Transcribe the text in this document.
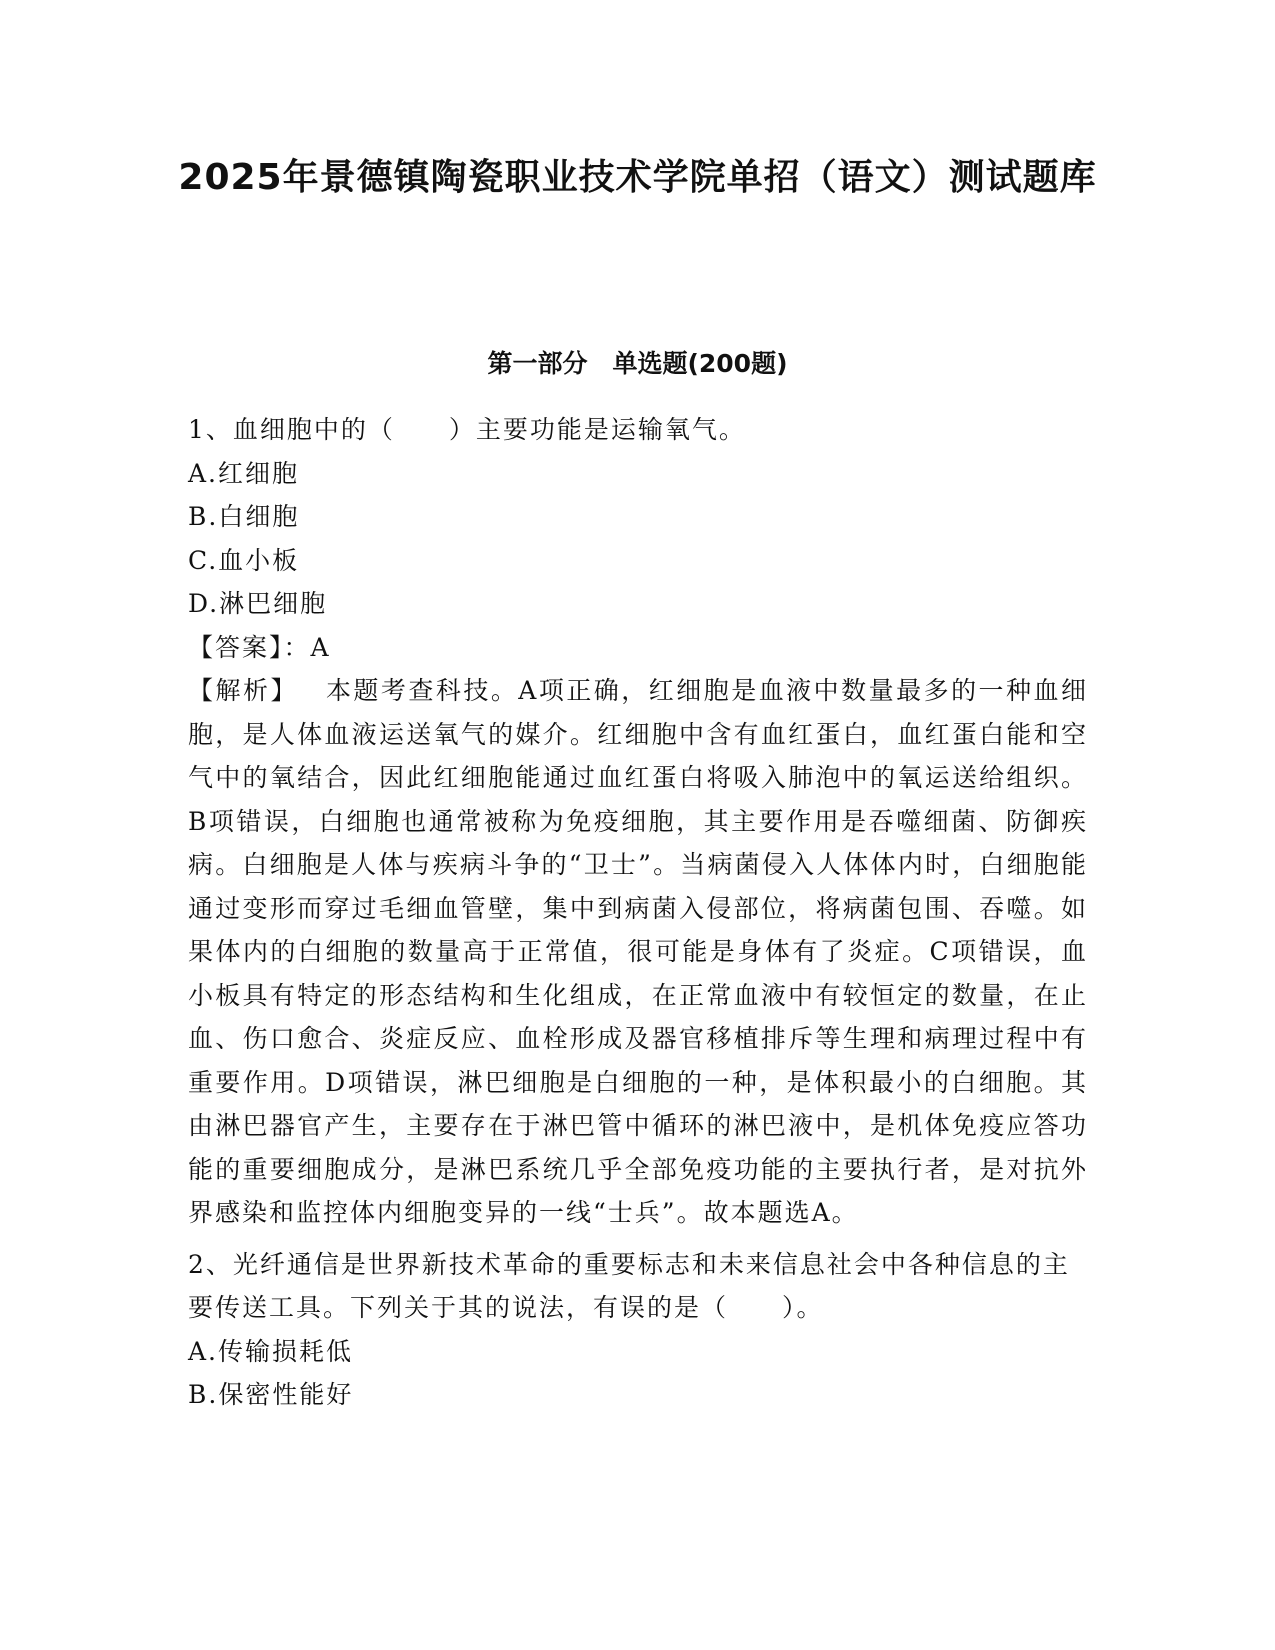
2025年景德镇陶瓷职业技术学院单招（语文）测试题库
第一部分　单选题(200题)

1、血细胞中的（　　）主要功能是运输氧气。

A.红细胞

B.白细胞

C.血小板

D.淋巴细胞

【答案】：A

【解析】 本题考查科技。A项正确，红细胞是血液中数量最多的一种血细胞，是人体血液运送氧气的媒介。红细胞中含有血红蛋白，血红蛋白能和空气中的氧结合，因此红细胞能通过血红蛋白将吸入肺泡中的氧运送给组织。B项错误，白细胞也通常被称为免疫细胞，其主要作用是吞噬细菌、防御疾病。白细胞是人体与疾病斗争的“卫士”。当病菌侵入人体体内时，白细胞能通过变形而穿过毛细血管壁，集中到病菌入侵部位，将病菌包围、吞噬。如果体内的白细胞的数量高于正常值，很可能是身体有了炎症。C项错误，血小板具有特定的形态结构和生化组成，在正常血液中有较恒定的数量，在止血、伤口愈合、炎症反应、血栓形成及器官移植排斥等生理和病理过程中有重要作用。D项错误，淋巴细胞是白细胞的一种，是体积最小的白细胞。其由淋巴器官产生，主要存在于淋巴管中循环的淋巴液中，是机体免疫应答功能的重要细胞成分，是淋巴系统几乎全部免疫功能的主要执行者，是对抗外界感染和监控体内细胞变异的一线“士兵”。故本题选A。

2、光纤通信是世界新技术革命的重要标志和未来信息社会中各种信息的主要传送工具。下列关于其的说法，有误的是（　　）。

A.传输损耗低

B.保密性能好
